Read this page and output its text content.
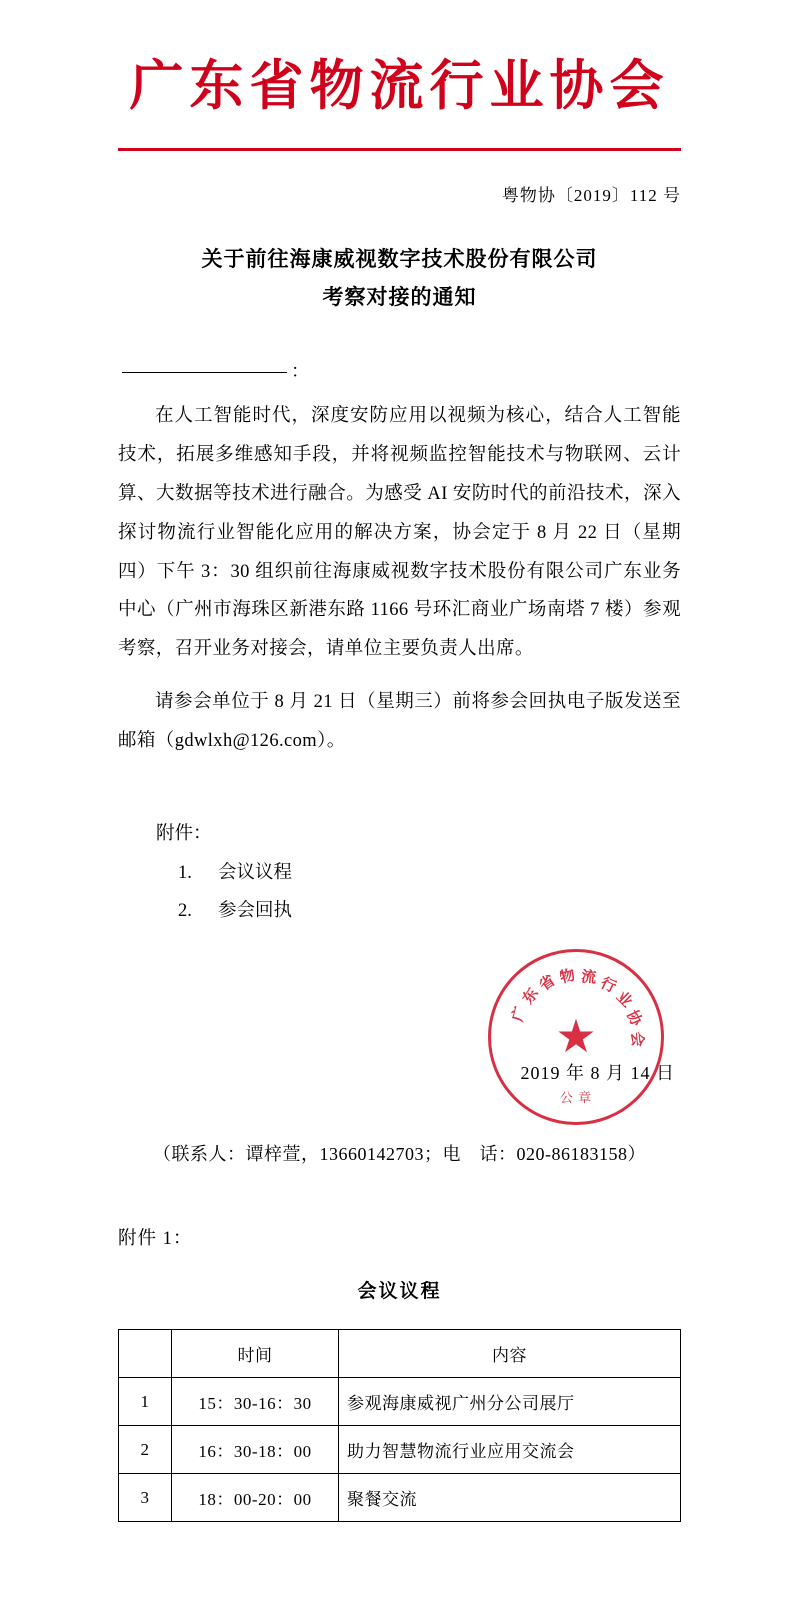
广东省物流行业协会
粤物协〔2019〕112 号
关于前往海康威视数字技术股份有限公司
考察对接的通知
：
在人工智能时代，深度安防应用以视频为核心，结合人工智能技术，拓展多维感知手段，并将视频监控智能技术与物联网、云计算、大数据等技术进行融合。为感受 AI 安防时代的前沿技术，深入探讨物流行业智能化应用的解决方案，协会定于 8 月 22 日（星期四）下午 3：30 组织前往海康威视数字技术股份有限公司广东业务中心（广州市海珠区新港东路 1166 号环汇商业广场南塔 7 楼）参观考察，召开业务对接会，请单位主要负责人出席。
请参会单位于 8 月 21 日（星期三）前将参会回执电子版发送至邮箱（gdwlxh@126.com）。
附件：
1. 会议议程
2. 参会回执
广
东
省 物 流 行
业
协
会
★
公 章
2019 年 8 月 14 日
（联系人：谭梓萱，13660142703；电　话：020-86183158）
附件 1：
会议议程
	时间	内容
1	15：30-16：30	参观海康威视广州分公司展厅
2	16：30-18：00	助力智慧物流行业应用交流会
3	18：00-20：00	聚餐交流
